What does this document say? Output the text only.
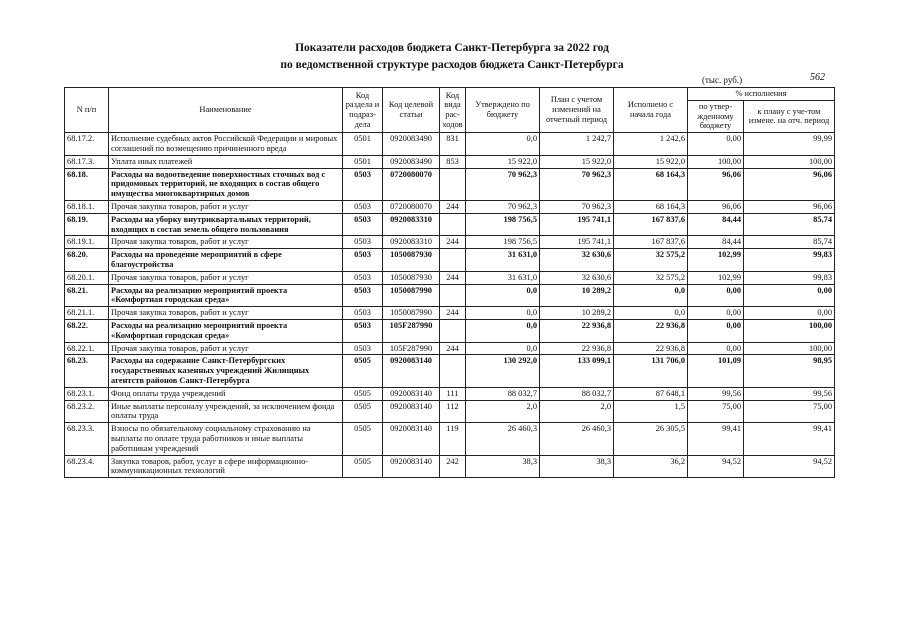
Показатели расходов бюджета Санкт-Петербурга за 2022 год
по ведомственной структуре расходов бюджета Санкт-Петербурга
(тыс. руб.)	562
N п/п	Наименование	Код раздела и подраз-дела	Код целевой статьи	Код вида рас-ходов	Утверждено по бюджету	План с учетом изменений на отчетный период	Исполнено с начала года	% исполнения	
								по утвер-жденному бюджету	к плану с уче-том измене. на отч. период
68.17.2.	Исполнение судебных актов Российской Федерации и мировых соглашений по возмещению причиненного вреда	0501	0920083490	831	0,0	1 242,7	1 242,6	0,00	99,99
68.17.3.	Уплата иных платежей	0501	0920083490	853	15 922,0	15 922,0	15 922,0	100,00	100,00
68.18.	Расходы на водоотведение поверхностных сточных вод с придомовых территорий, не входящих в состав общего имущества многоквартирных домов	0503	0720080070		70 962,3	70 962,3	68 164,3	96,06	96,06
68.18.1.	Прочая закупка товаров, работ и услуг	0503	0720080070	244	70 962,3	70 962,3	68 164,3	96,06	96,06
68.19.	Расходы на уборку внутриквартальных территорий, входящих в состав земель общего пользования	0503	0920083310		198 756,5	195 741,1	167 837,6	84,44	85,74
68.19.1.	Прочая закупка товаров, работ и услуг	0503	0920083310	244	198 756,5	195 741,1	167 837,6	84,44	85,74
68.20.	Расходы на проведение мероприятий в сфере благоустройства	0503	1050087930		31 631,0	32 630,6	32 575,2	102,99	99,83
68.20.1.	Прочая закупка товаров, работ и услуг	0503	1050087930	244	31 631,0	32 630,6	32 575,2	102,99	99,83
68.21.	Расходы на реализацию мероприятий проекта «Комфортная городская среда»	0503	1050087990		0,0	10 289,2	0,0	0,00	0,00
68.21.1.	Прочая закупка товаров, работ и услуг	0503	1050087990	244	0,0	10 289,2	0,0	0,00	0,00
68.22.	Расходы на реализацию мероприятий проекта «Комфортная городская среда»	0503	105F287990		0,0	22 936,8	22 936,8	0,00	100,00
68.22.1.	Прочая закупка товаров, работ и услуг	0503	105F287990	244	0,0	22 936,8	22 936,8	0,00	100,00
68.23.	Расходы на содержание Санкт-Петербургских государственных казенных учреждений Жилищных агентств районов Санкт-Петербурга	0505	0920083140		130 292,0	133 099,1	131 706,0	101,09	98,95
68.23.1.	Фонд оплаты труда учреждений	0505	0920083140	111	88 032,7	88 032,7	87 648,1	99,56	99,56
68.23.2.	Иные выплаты персоналу учреждений, за исключением фонда оплаты труда	0505	0920083140	112	2,0	2,0	1,5	75,00	75,00
68.23.3.	Взносы по обязательному социальному страхованию на выплаты по оплате труда работников и иные выплаты работникам учреждений	0505	0920083140	119	26 460,3	26 460,3	26 305,5	99,41	99,41
68.23.4.	Закупка товаров, работ, услуг в сфере информационно-коммуникационных технологий	0505	0920083140	242	38,3	38,3	36,2	94,52	94,52
